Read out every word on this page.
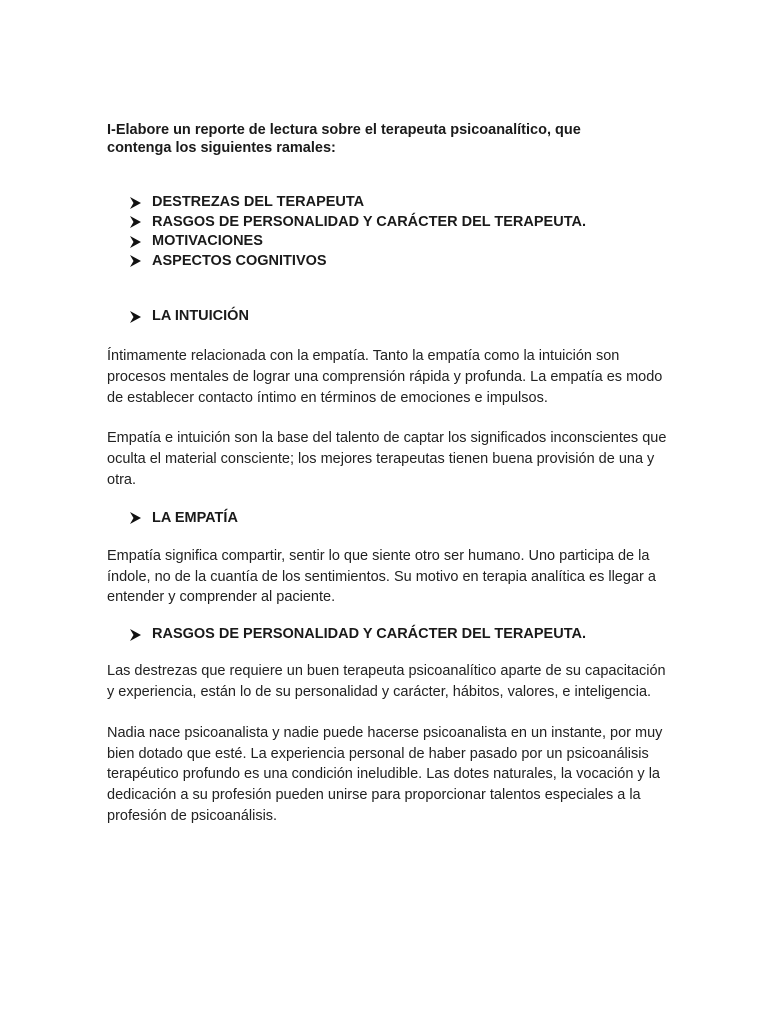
I-Elabore un reporte de lectura sobre el terapeuta psicoanalítico, que contenga los siguientes ramales:

DESTREZAS DEL TERAPEUTA
RASGOS DE PERSONALIDAD Y CARÁCTER DEL TERAPEUTA.
MOTIVACIONES
ASPECTOS COGNITIVOS
LA INTUICIÓN

Íntimamente relacionada con la empatía. Tanto la empatía como la intuición son procesos mentales de lograr una comprensión rápida y profunda. La empatía es modo de establecer contacto íntimo en términos de emociones e impulsos.

Empatía e intuición son la base del talento de captar los significados inconscientes que oculta el material consciente; los mejores terapeutas tienen buena provisión de una y otra.

LA EMPATÍA

Empatía significa compartir, sentir lo que siente otro ser humano. Uno participa de la índole, no de la cuantía de los sentimientos. Su motivo en terapia analítica es llegar a entender y comprender al paciente.

RASGOS DE PERSONALIDAD Y CARÁCTER DEL TERAPEUTA.

Las destrezas que requiere un buen terapeuta psicoanalítico aparte de su capacitación y experiencia, están lo de su personalidad y carácter, hábitos, valores, e inteligencia.

Nadia nace psicoanalista y nadie puede hacerse psicoanalista en un instante, por muy bien dotado que esté. La experiencia personal de haber pasado por un psicoanálisis terapéutico profundo es una condición ineludible. Las dotes naturales, la vocación y la dedicación a su profesión pueden unirse para proporcionar talentos especiales a la profesión de psicoanálisis.
